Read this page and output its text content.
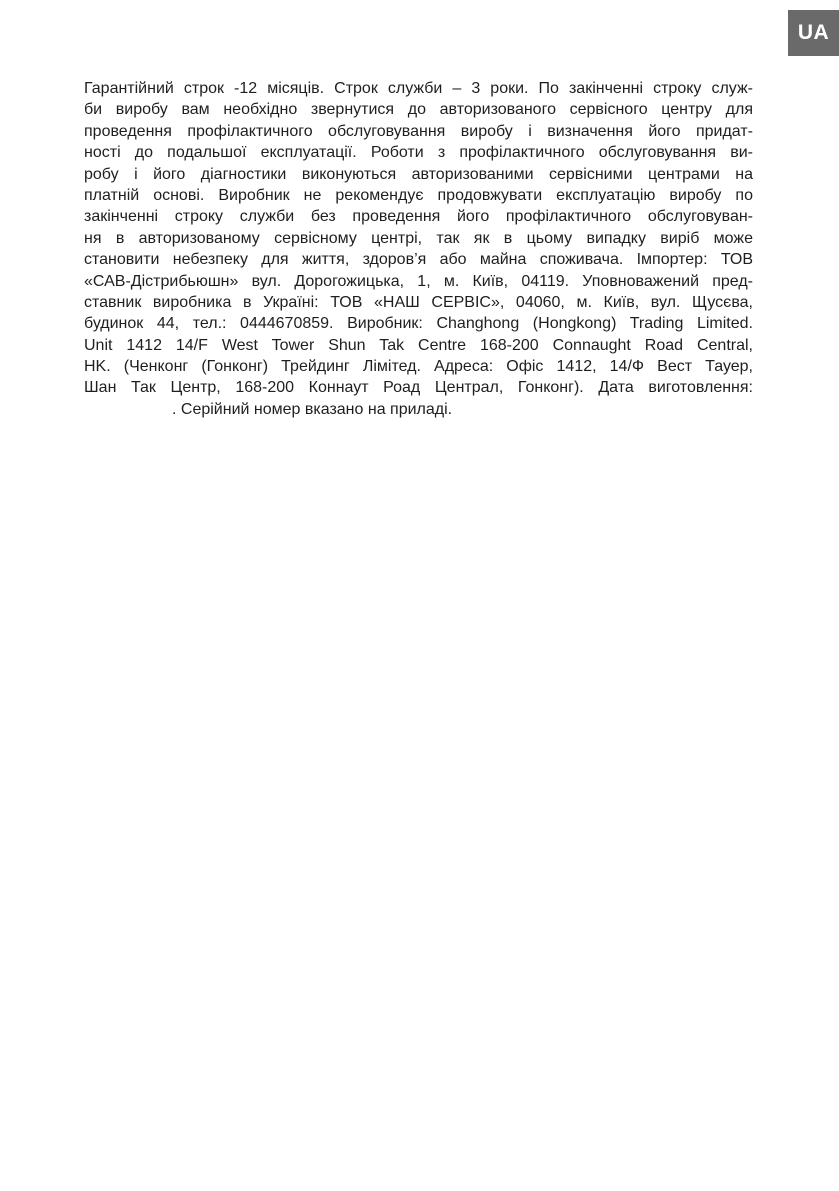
UA
Гарантійний строк -12 місяців. Строк служби – 3 роки. По закінченні строку служ-
би виробу вам необхідно звернутися до авторизованого сервісного центру для
проведення профілактичного обслуговування виробу і визначення його придат-
ності до подальшої експлуатації. Роботи з профілактичного обслуговування ви-
робу і його діагностики виконуються авторизованими сервісними центрами на
платній основі. Виробник не рекомендує продовжувати експлуатацію виробу по
закінченні строку служби без проведення його профілактичного обслуговуван-
ня в авторизованому сервісному центрі, так як в цьому випадку виріб може
становити небезпеку для життя, здоров’я або майна споживача. Імпортер: ТОВ
«САВ-Дістрибьюшн» вул. Дорогожицька, 1, м. Київ, 04119. Уповноважений пред-
ставник виробника в Україні: ТОВ «НАШ СЕРВІС», 04060, м. Київ, вул. Щусєва,
будинок 44, тел.: 0444670859. Виробник: Changhong (Hongkong) Trading Limited.
Unit 1412 14/F West Tower Shun Tak Centre 168-200 Connaught Road Central,
HK. (Ченконг (Гонконг) Трейдинг Лімітед. Адреса: Офіс 1412, 14/Ф Вест Тауер,
Шан Так Центр, 168-200 Коннаут Роад Централ, Гонконг). Дата виготовлення:
. Серійний номер вказано на приладі.
